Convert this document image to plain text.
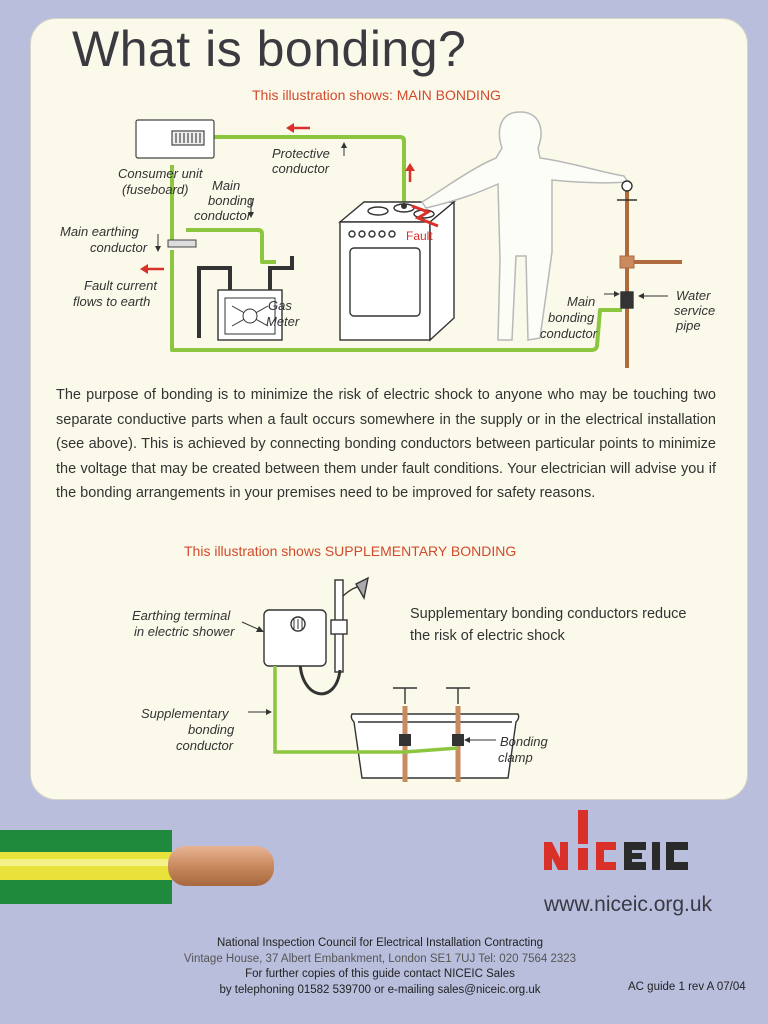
What is bonding?
This illustration shows: MAIN BONDING
Consumer unit
(fuseboard)
Protective
conductor
Main
bonding
conductor
Main earthing
conductor
Fault current
flows to earth	Gas
Meter
Fault
Main
bonding
conductor
Water
service
pipe

The purpose of bonding is to minimize the risk of electric shock to anyone who may be touching two separate conductive parts when a fault occurs somewhere in the supply or in the electrical installation (see above). This is achieved by connecting bonding conductors between particular points to minimize the voltage that may be created between them under fault conditions. Your electrician will advise you if the bonding arrangements in your premises need to be improved for safety reasons.

This illustration shows SUPPLEMENTARY BONDING
Earthing terminal
in electric shower
Supplementary
bonding
conductor	Bonding
clamp

Supplementary bonding conductors reduce the risk of electric shock

NICEIC
www.niceic.org.uk
National Inspection Council for Electrical Installation Contracting
Vintage House, 37 Albert Embankment, London SE1 7UJ Tel: 020 7564 2323
For further copies of this guide contact NICEIC Sales
by telephoning 01582 539700 or e-mailing sales@niceic.org.uk	AC guide 1 rev A 07/04
